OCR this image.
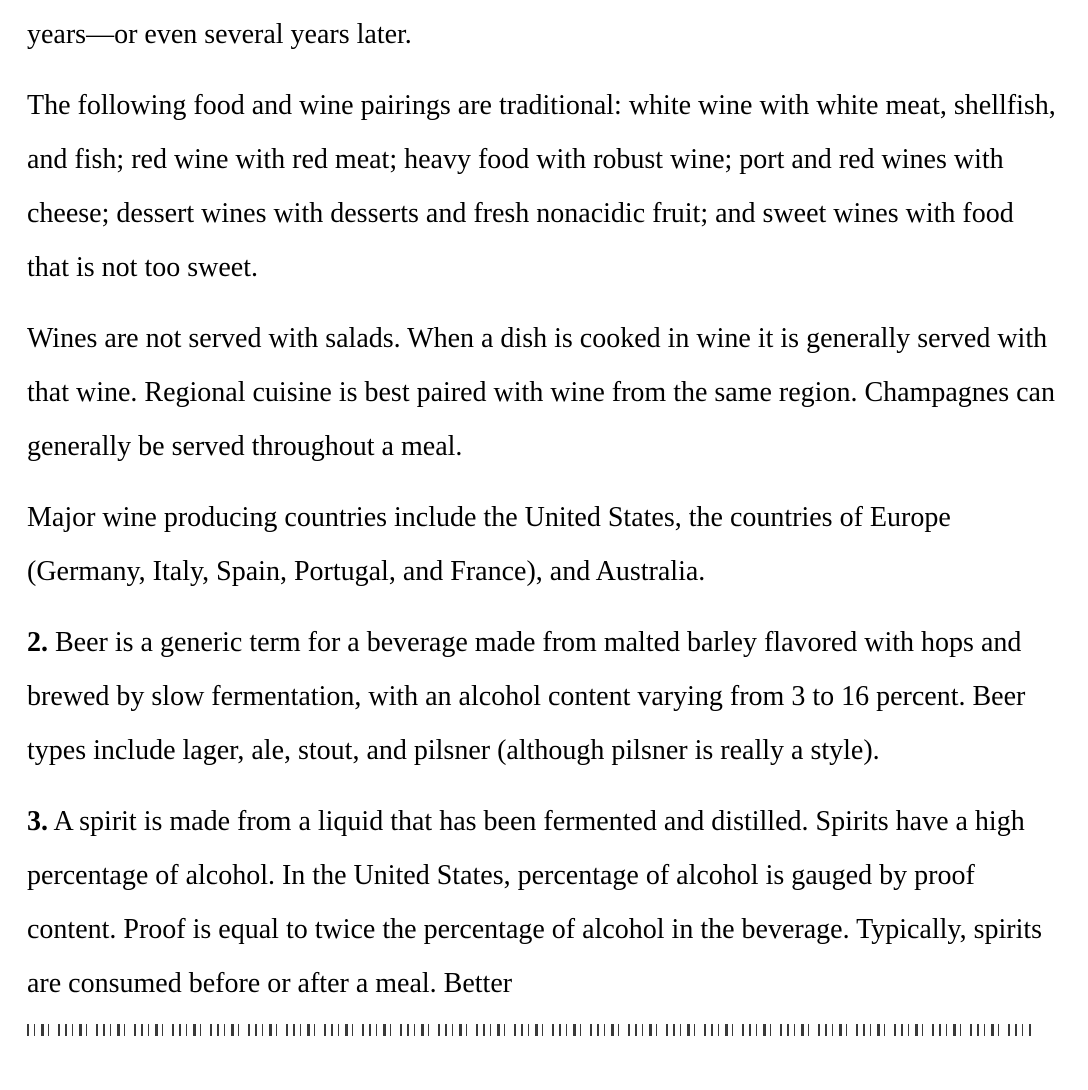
years—or even several years later.

The following food and wine pairings are traditional: white wine with white meat, shellfish, and fish; red wine with red meat; heavy food with robust wine; port and red wines with cheese; dessert wines with desserts and fresh nonacidic fruit; and sweet wines with food that is not too sweet.

Wines are not served with salads. When a dish is cooked in wine it is generally served with that wine. Regional cuisine is best paired with wine from the same region. Champagnes can generally be served throughout a meal.

Major wine producing countries include the United States, the countries of Europe (Germany, Italy, Spain, Portugal, and France), and Australia.

2. Beer is a generic term for a beverage made from malted barley flavored with hops and brewed by slow fermentation, with an alcohol content varying from 3 to 16 percent. Beer types include lager, ale, stout, and pilsner (although pilsner is really a style).

3. A spirit is made from a liquid that has been fermented and distilled. Spirits have a high percentage of alcohol. In the United States, percentage of alcohol is gauged by proof content. Proof is equal to twice the percentage of alcohol in the beverage. Typically, spirits are consumed before or after a meal. Better
